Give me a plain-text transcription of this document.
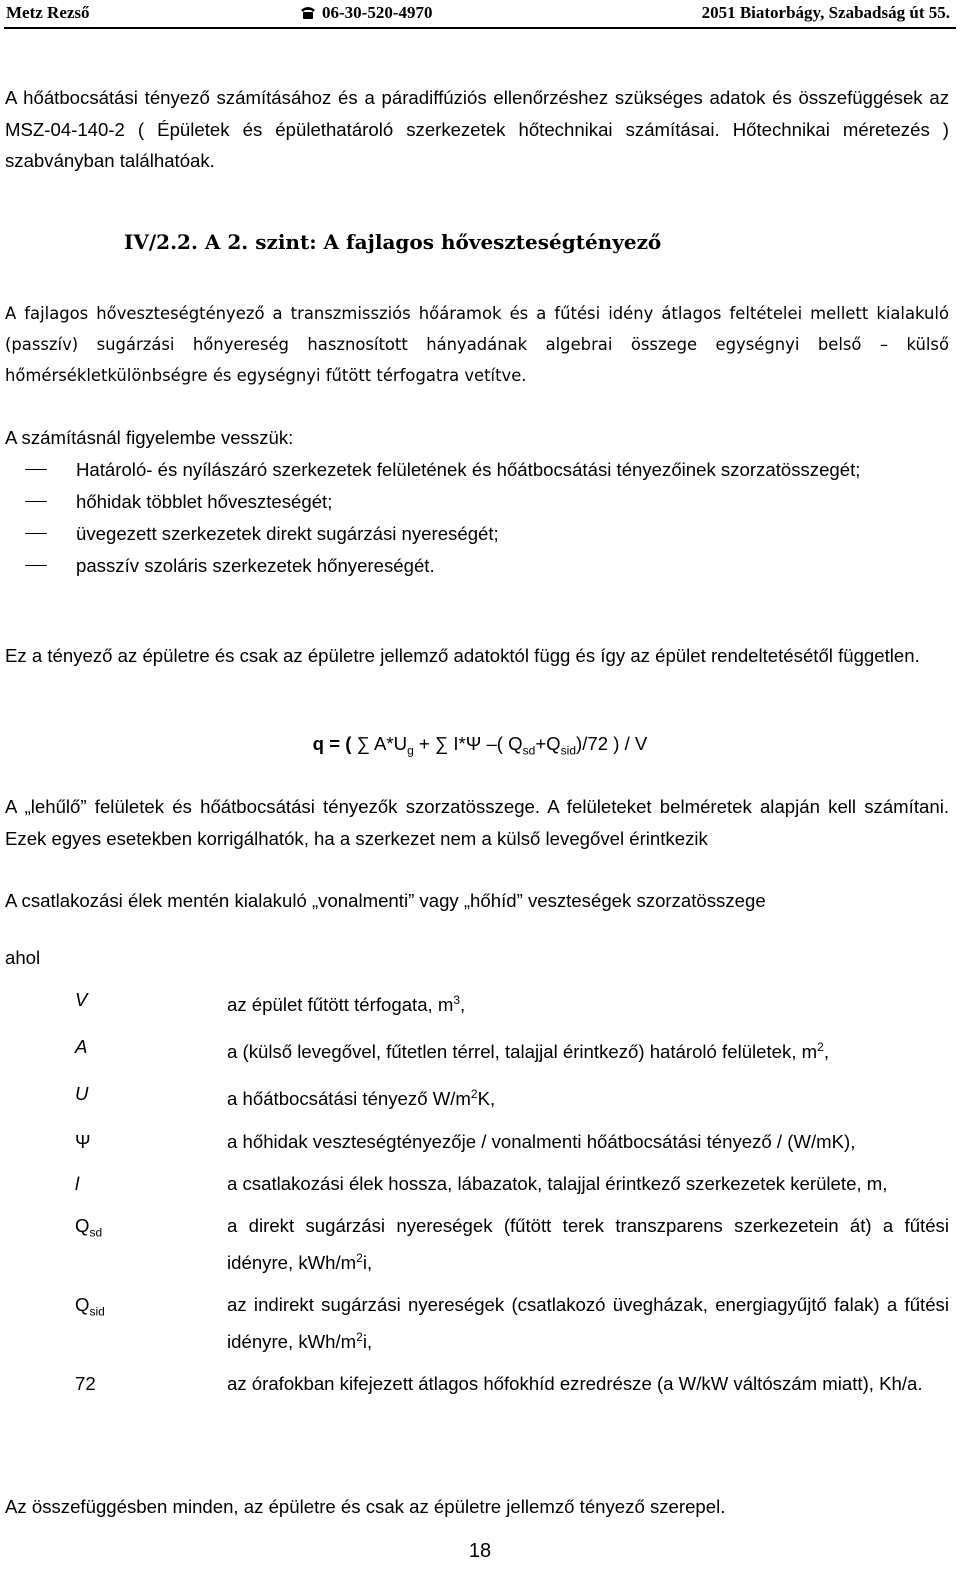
Metz Rezső	06-30-520-4970	2051 Biatorbágy, Szabadság út 55.
A hőátbocsátási tényező számításához és a páradiffúziós ellenőrzéshez szükséges adatok és összefüggések az MSZ-04-140-2 ( Épületek és épülethatároló szerkezetek hőtechnikai számításai. Hőtechnikai méretezés ) szabványban találhatóak.
IV/2.2. A 2. szint: A fajlagos hőveszteségtényező
A fajlagos hőveszteségtényező a transzmissziós hőáramok és a fűtési idény átlagos feltételei mellett kialakuló (passzív) sugárzási hőnyereség hasznosított hányadának algebrai összege egységnyi belső – külső hőmérsékletkülönbségre és egységnyi fűtött térfogatra vetítve.
A számításnál figyelembe vesszük:
Határoló- és nyílászáró szerkezetek felületének és hőátbocsátási tényezőinek szorzatösszegét;
hőhidak többlet hőveszteségét;
üvegezett szerkezetek direkt sugárzási nyereségét;
passzív szoláris szerkezetek hőnyereségét.
Ez a tényező az épületre és csak az épületre jellemző adatoktól függ és így az épület rendeltetésétől független.
q = ( ∑ $A*U_g$ + ∑ I*Ψ –( $Q_{sd}+Q_{sid})/72$ ) / V
A „lehűlő” felületek és hőátbocsátási tényezők szorzatösszege. A felületeket belméretek alapján kell számítani. Ezek egyes esetekben korrigálhatók, ha a szerkezet nem a külső levegővel érintkezik
A csatlakozási élek mentén kialakuló „vonalmenti” vagy „hőhíd” veszteségek szorzatösszege
ahol
V	az épület fűtött térfogata, $m^3$,
A	a (külső levegővel, fűtetlen térrel, talajjal érintkező) határoló felületek, $m^2$,
U	a hőátbocsátási tényező $W/m^2K$,
Ψ	a hőhidak veszteségtényezője / vonalmenti hőátbocsátási tényező / (W/mK),
l	a csatlakozási élek hossza, lábazatok, talajjal érintkező szerkezetek kerülete, m,
$Q_{sd}$	a direkt sugárzási nyereségek (fűtött terek transzparens szerkezetein át) a fűtési idényre, kWh/$m^2i$,
$Q_{sid}$	az indirekt sugárzási nyereségek (csatlakozó üvegházak, energiagyűjtő falak) a fűtési idényre, kWh/$m^2i$,
72	az órafokban kifejezett átlagos hőfokhíd ezredrésze (a W/kW váltószám miatt), Kh/a.
Az összefüggésben minden, az épületre és csak az épületre jellemző tényező szerepel.
18
